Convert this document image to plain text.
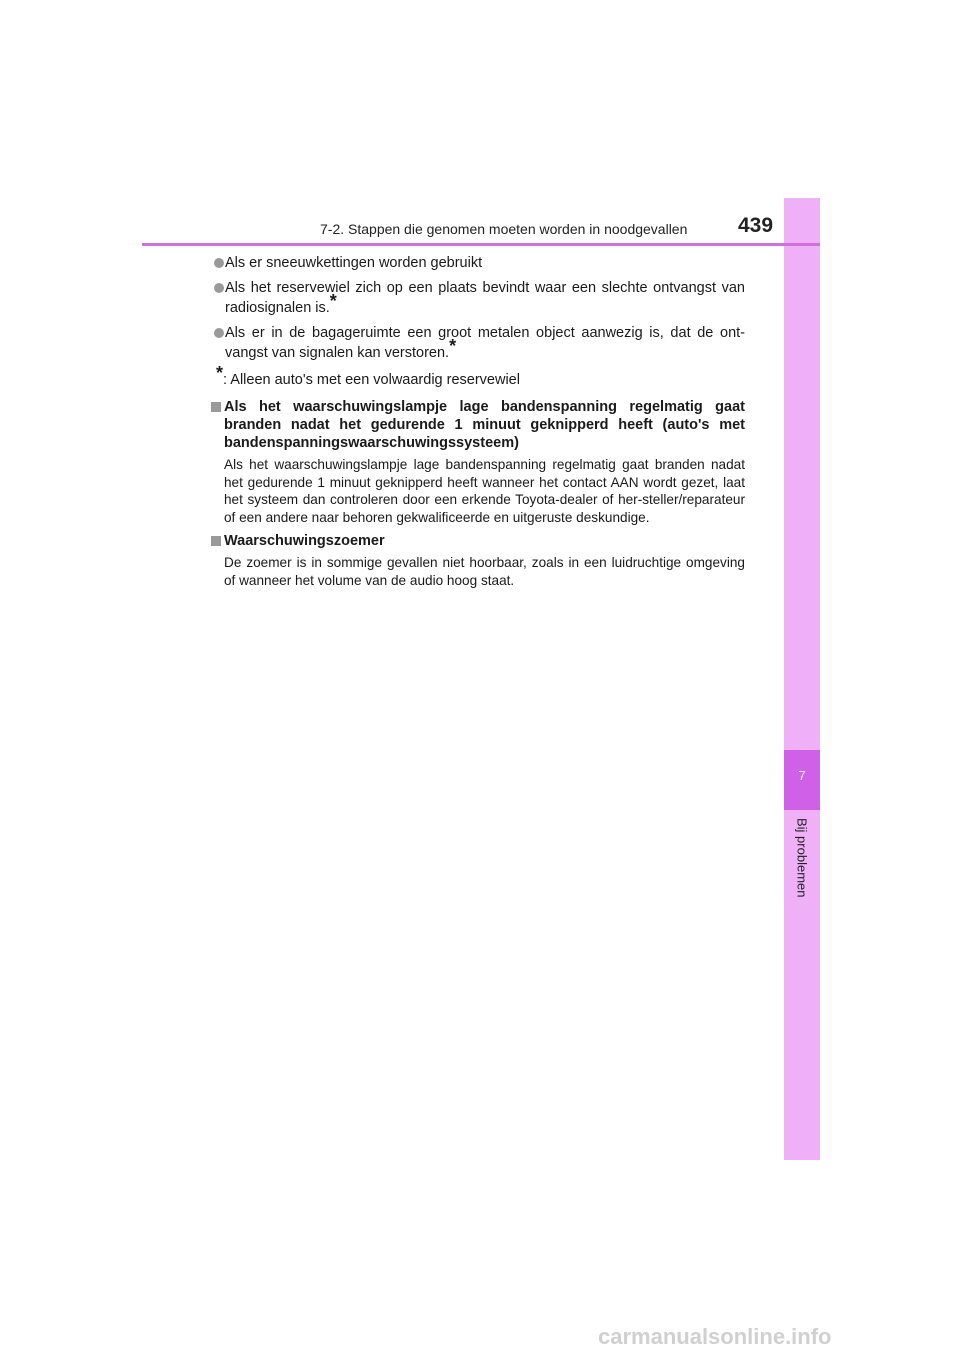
7
Bij problemen
7-2. Stappen die genomen moeten worden in noodgevallen 439
Als er sneeuwkettingen worden gebruikt
Als het reservewiel zich op een plaats bevindt waar een slechte ontvangst van radiosignalen is.*
Als er in de bagageruimte een groot metalen object aanwezig is, dat de ont-vangst van signalen kan verstoren.*
*: Alleen auto's met een volwaardig reservewiel
Als het waarschuwingslampje lage bandenspanning regelmatig gaat branden nadat het gedurende 1 minuut geknipperd heeft (auto's met bandenspanningswaarschuwingssysteem)
Als het waarschuwingslampje lage bandenspanning regelmatig gaat branden nadat het gedurende 1 minuut geknipperd heeft wanneer het contact AAN wordt gezet, laat het systeem dan controleren door een erkende Toyota-dealer of her-steller/reparateur of een andere naar behoren gekwalificeerde en uitgeruste deskundige.
Waarschuwingszoemer
De zoemer is in sommige gevallen niet hoorbaar, zoals in een luidruchtige omgeving of wanneer het volume van de audio hoog staat.
carmanualsonline.info
